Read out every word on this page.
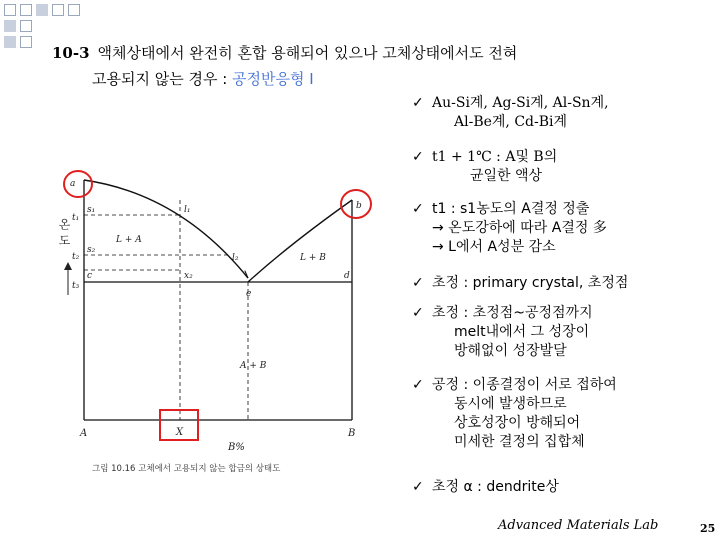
10-3 액체상태에서 완전히 혼합 용해되어 있으나 고체상태에서도 전혀
고용되지 않는 경우 : 공정반응형 Ⅰ
온 도
a
s₁
t₁
l₁
s₂
t₂	l₂
c	x₂	d
t₃
e
b
L + A
L + B
A + B
A	B
X
B%
그림 10.16 고체에서 고용되지 않는 합금의 상태도
✓ Au-Si계, Ag-Si계, Al-Sn계,
Al-Be계, Cd-Bi계
✓ t1 + 1℃ : A및 B의
균일한 액상
✓ t1 : s1농도의 A결정 정출
→ 온도강하에 따라 A결정 多
→ L에서 A성분 감소
✓ 초정 : primary crystal, 초정점
✓ 초정 : 초정점~공정점까지
melt내에서 그 성장이
방해없이 성장발달
✓ 공정 : 이종결정이 서로 접하여
동시에 발생하므로
상호성장이 방해되어
미세한 결정의 집합체
✓ 초정 α : dendrite상
Advanced Materials Lab	25
